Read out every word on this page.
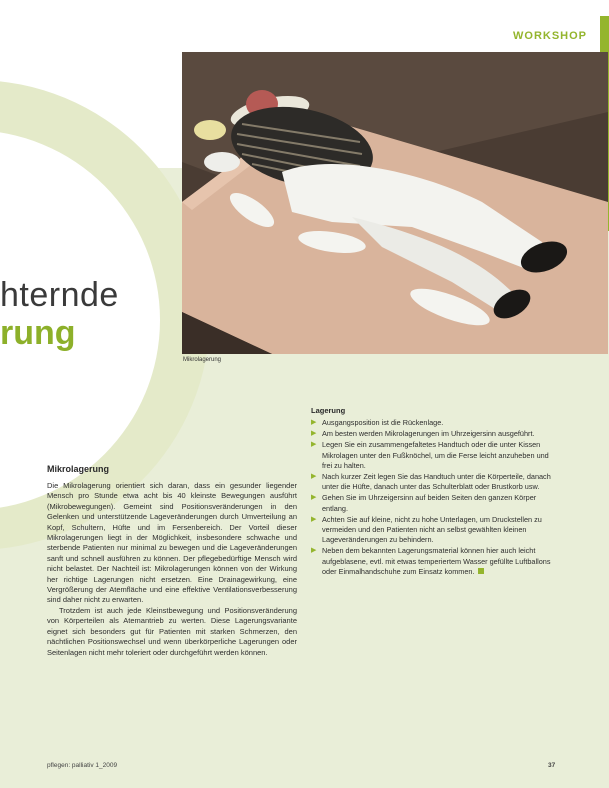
WORKSHOP
hternde
rung
Mikrolagerung
Mikrolagerung

Die Mikrolagerung orientiert sich daran, dass ein gesunder liegender Mensch pro Stunde etwa acht bis 40 kleinste Bewegungen ausführt (Mikrobewegungen). Gemeint sind Positionsveränderungen in den Gelenken und unterstützende Lageveränderungen durch Umverteilung an Kopf, Schultern, Hüfte und im Fersenbereich. Der Vorteil dieser Mikrolagerungen liegt in der Möglichkeit, insbesondere schwache und sterbende Patienten nur minimal zu bewegen und die Lageveränderungen sanft und schnell ausführen zu können. Der pflegebedürftige Mensch wird nicht belastet. Der Nachteil ist: Mikrolagerungen können von der Wirkung her richtige Lagerungen nicht ersetzen. Eine Drainagewirkung, eine Vergrößerung der Atemfläche und eine effektive Ventilationsverbesserung sind daher nicht zu erwarten.

Trotzdem ist auch jede Kleinstbewegung und Positionsveränderung von Körperteilen als Atemantrieb zu werten. Diese Lagerungsvariante eignet sich besonders gut für Patienten mit starken Schmerzen, den nächtlichen Positionswechsel und wenn überkörperliche Lagerungen oder Seitenlagen nicht mehr toleriert oder durchgeführt werden können.

Lagerung
▶ Ausgangsposition ist die Rückenlage.
▶ Am besten werden Mikrolagerungen im Uhrzeigersinn ausgeführt.
▶ Legen Sie ein zusammengefaltetes Handtuch oder die unter Kissen Mikrolagen unter den Fußknöchel, um die Ferse leicht anzuheben und frei zu halten.
▶ Nach kurzer Zeit legen Sie das Handtuch unter die Körperteile, danach unter die Hüfte, danach unter das Schulterblatt oder Brustkorb usw.
▶ Gehen Sie im Uhrzeigersinn auf beiden Seiten den ganzen Körper entlang.
▶ Achten Sie auf kleine, nicht zu hohe Unterlagen, um Druckstellen zu vermeiden und den Patienten nicht an selbst gewählten kleinen Lageveränderungen zu behindern.
▶ Neben dem bekannten Lagerungsmaterial können hier auch leicht aufgeblasene, evtl. mit etwas temperiertem Wasser gefüllte Luftballons oder Einmalhandschuhe zum Einsatz kommen.
pflegen: palliativ 1_2009	37
